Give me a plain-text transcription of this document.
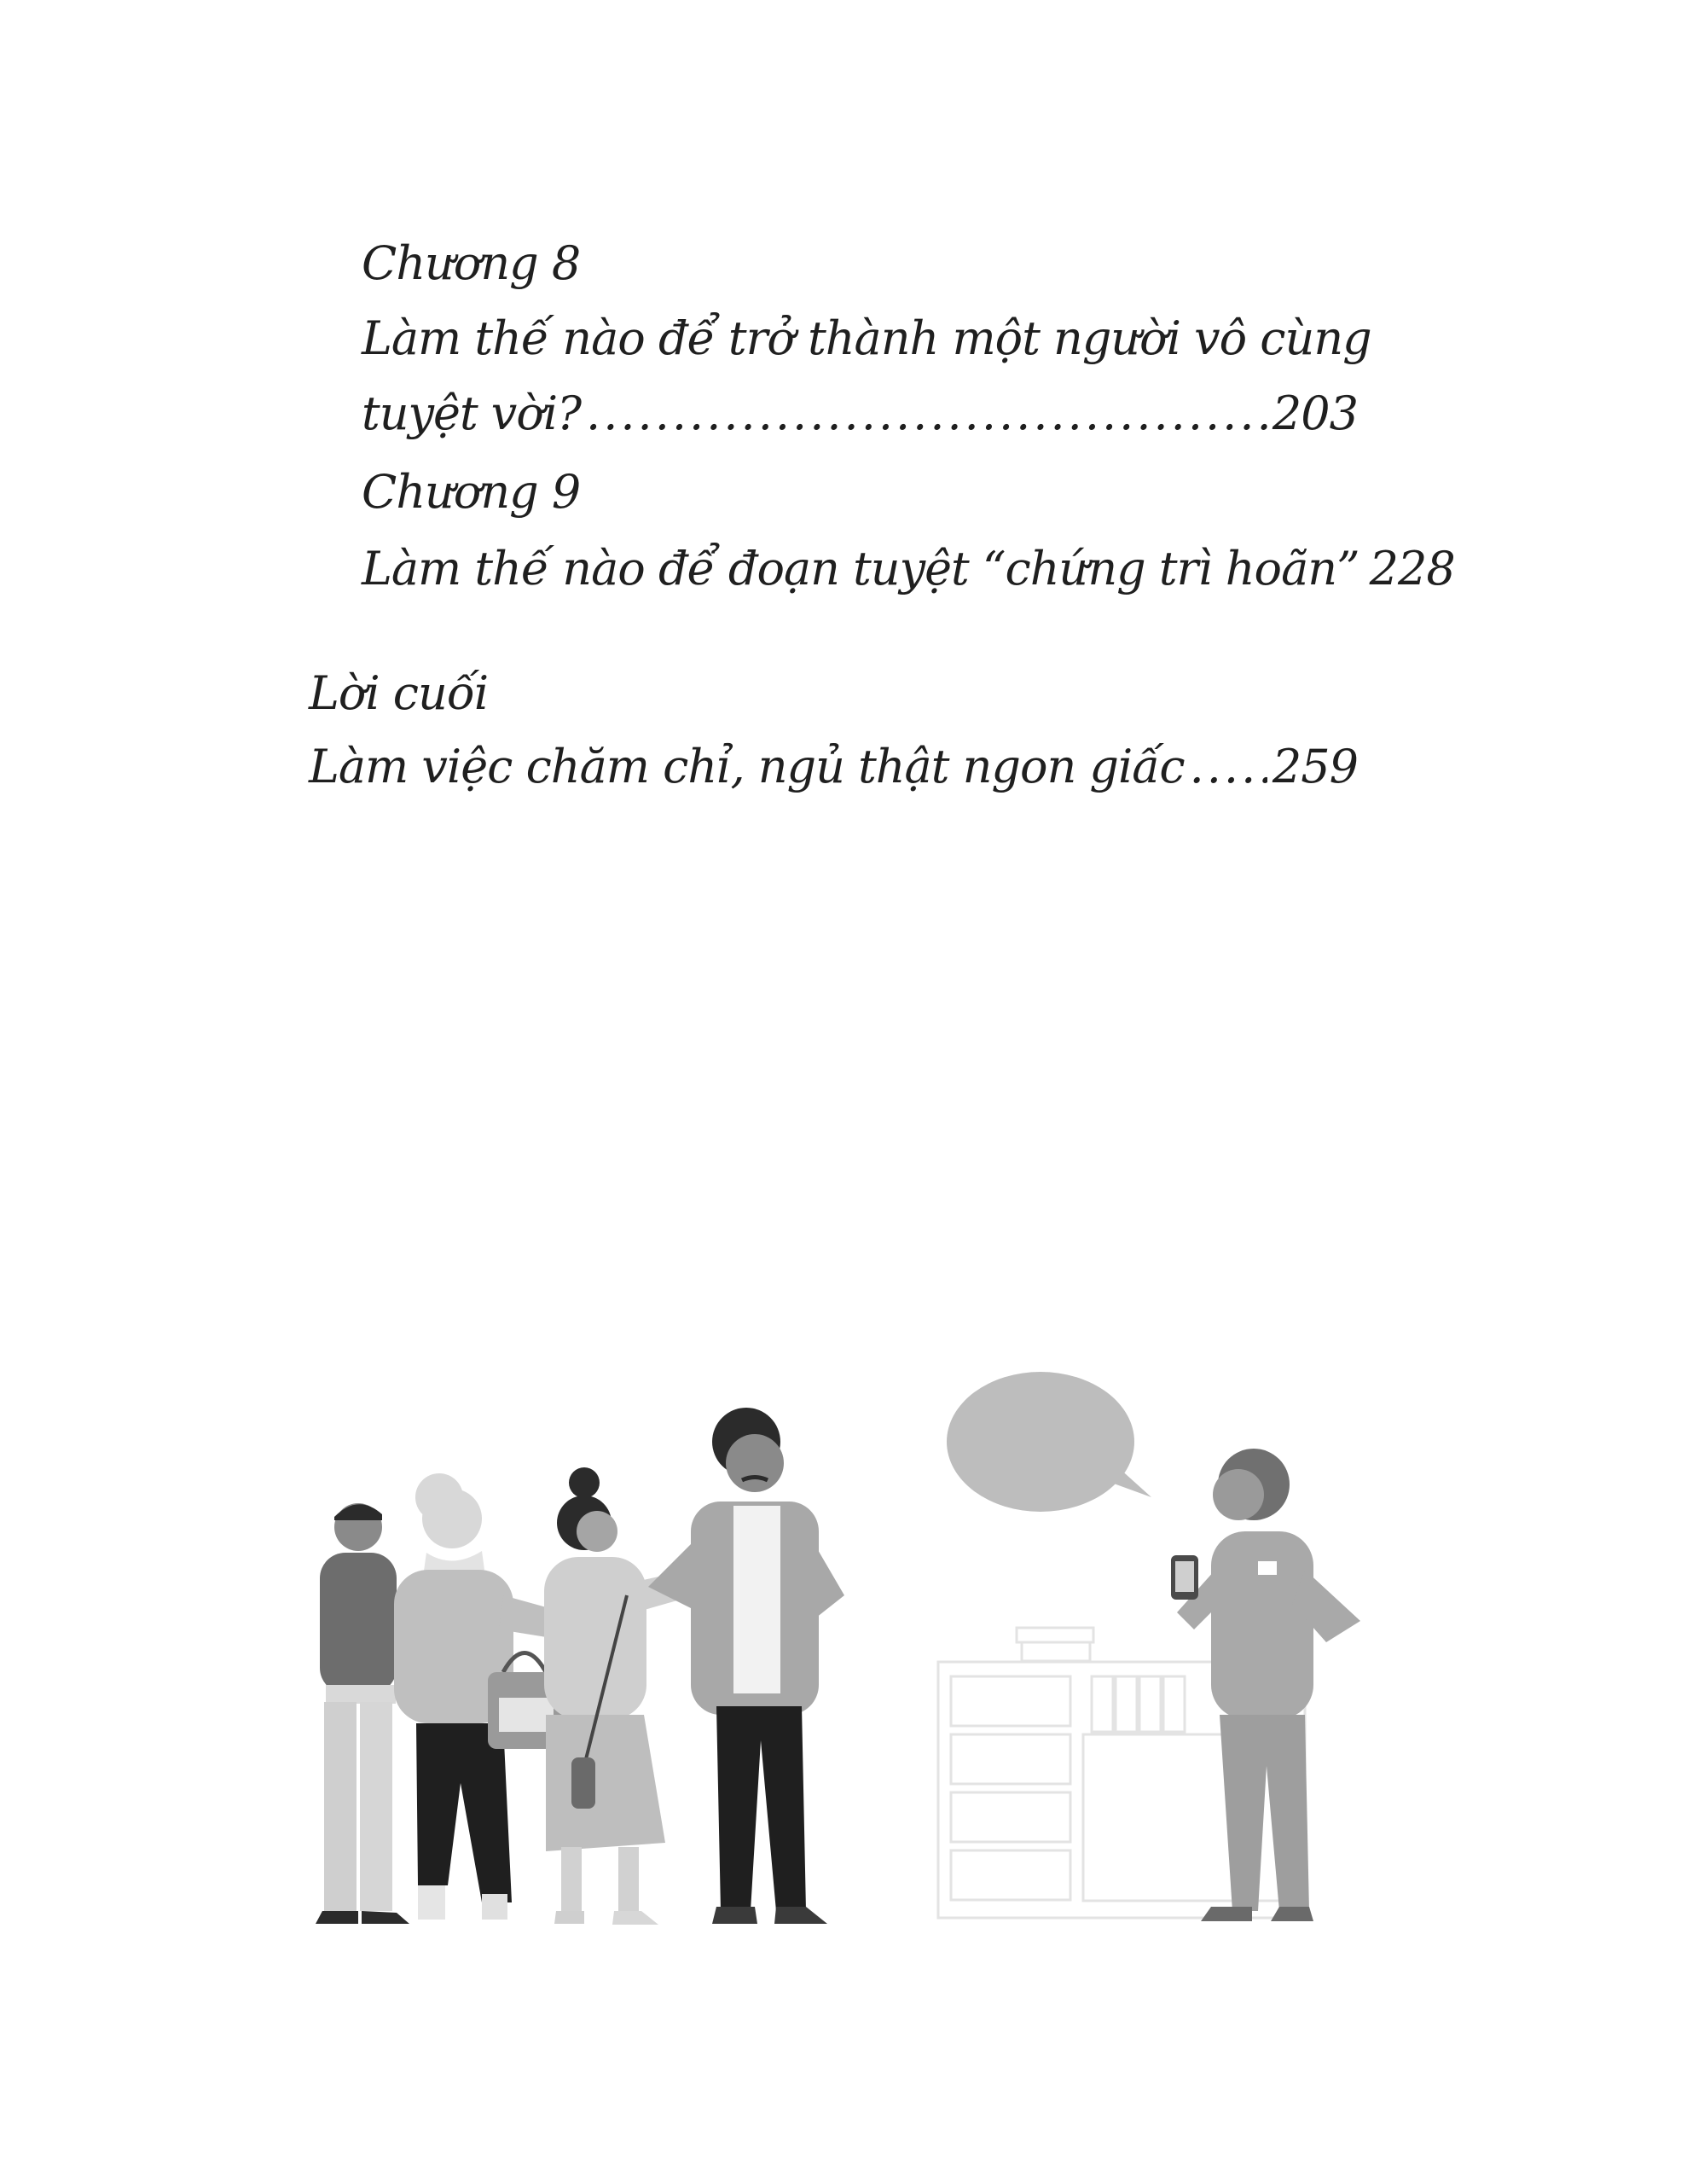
Chương 8
Làm thế nào để trở thành một người vô cùng
tuyệt vời? .....	203
Chương 9
Làm thế nào để đoạn tuyệt “chứng trì hoãn” 228
Lời cuối
Làm việc chăm chỉ, ngủ thật ngon giấc ..... 259
